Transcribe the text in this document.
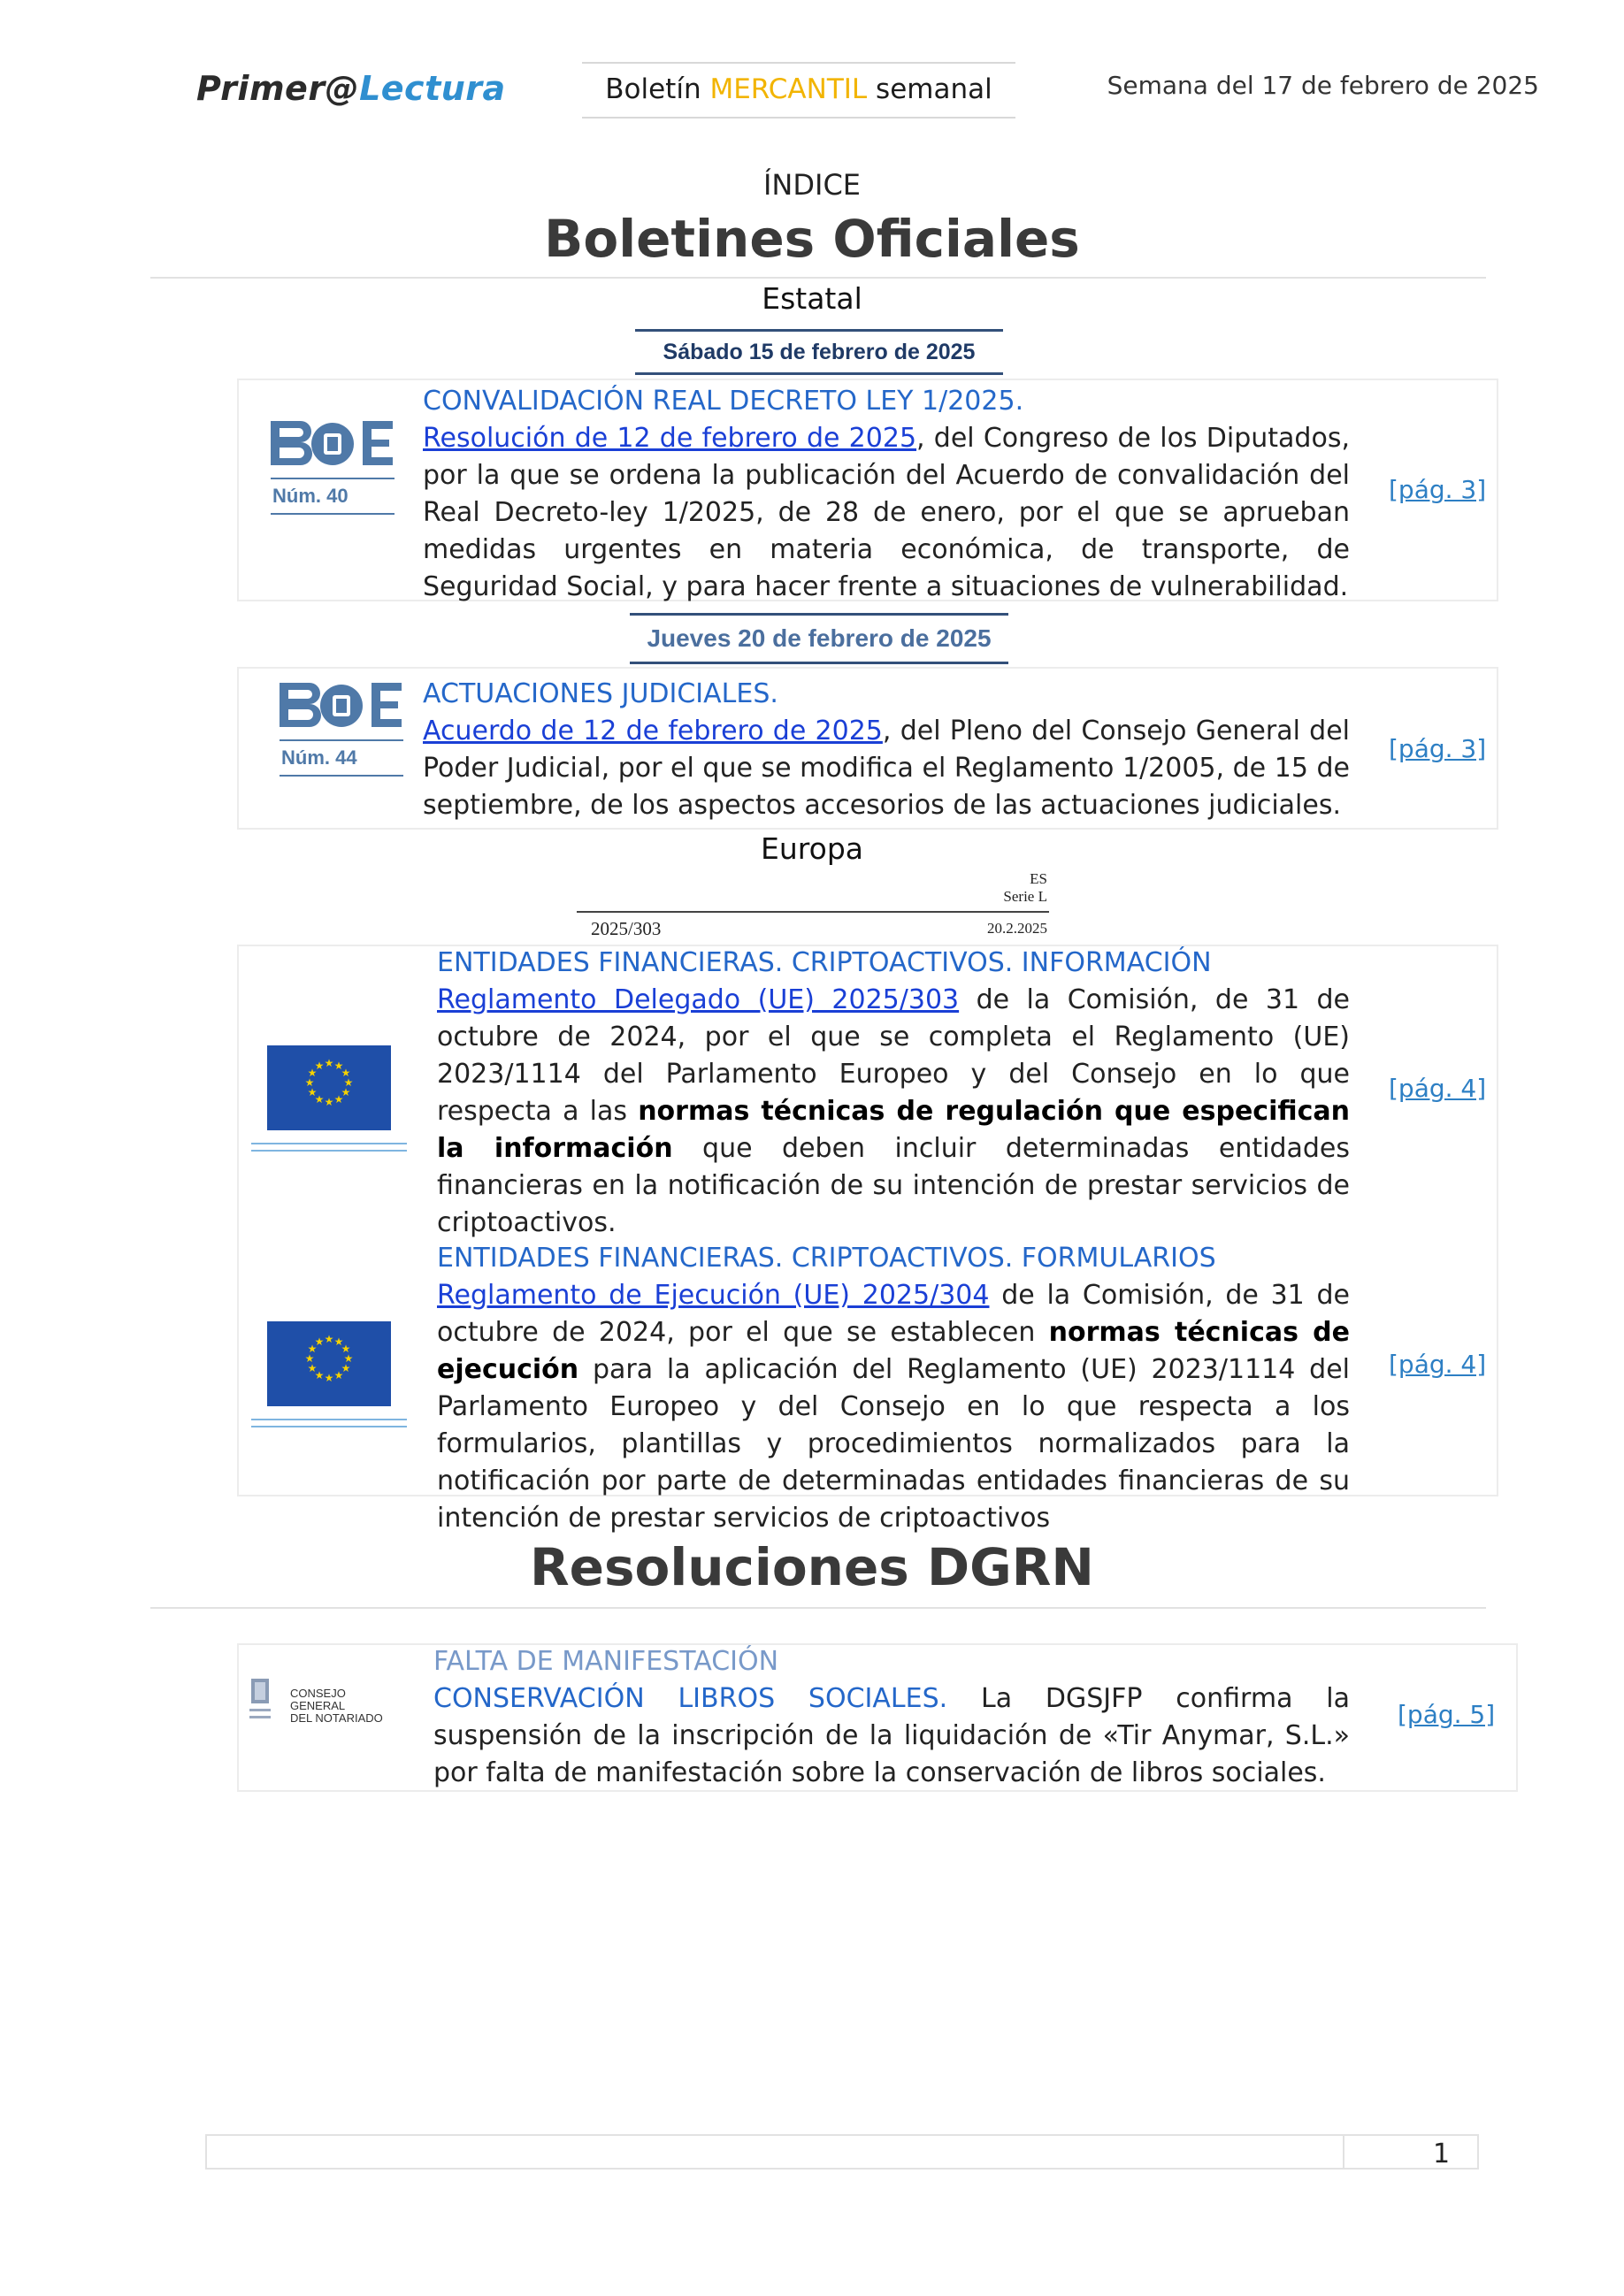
Primer@Lectura	Boletín MERCANTIL semanal	Semana del 17 de febrero de 2025
ÍNDICE
Boletines Oficiales
Estatal
Sábado 15 de febrero de 2025
Núm. 40
CONVALIDACIÓN REAL DECRETO LEY 1/2025.
Resolución de 12 de febrero de 2025, del Congreso de los Diputados, por la que se ordena la publicación del Acuerdo de convalidación del Real Decreto-ley 1/2025, de 28 de enero, por el que se aprueban medidas urgentes en materia económica, de transporte, de Seguridad Social, y para hacer frente a situaciones de vulnerabilidad.
[pág. 3]
Jueves 20 de febrero de 2025
Núm. 44
ACTUACIONES JUDICIALES.
Acuerdo de 12 de febrero de 2025, del Pleno del Consejo General del Poder Judicial, por el que se modifica el Reglamento 1/2005, de 15 de septiembre, de los aspectos accesorios de las actuaciones judiciales.
[pág. 3]
Europa
ES
Serie L
2025/303	20.2.2025
★ ★
★
★
★
★
★
★
★
★
★
★
ENTIDADES FINANCIERAS. CRIPTOACTIVOS. INFORMACIÓN
Reglamento Delegado (UE) 2025/303 de la Comisión, de 31 de octubre de 2024, por el que se completa el Reglamento (UE) 2023/1114 del Parlamento Europeo y del Consejo en lo que respecta a las normas técnicas de regulación que especifican la información que deben incluir determinadas entidades financieras en la notificación de su intención de prestar servicios de criptoactivos.
[pág. 4]
★ ★
★
★
★
★
★
★
★
★
★
★
ENTIDADES FINANCIERAS. CRIPTOACTIVOS. FORMULARIOS
Reglamento de Ejecución (UE) 2025/304 de la Comisión, de 31 de octubre de 2024, por el que se establecen normas técnicas de ejecución para la aplicación del Reglamento (UE) 2023/1114 del Parlamento Europeo y del Consejo en lo que respecta a los formularios, plantillas y procedimientos normalizados para la notificación por parte de determinadas entidades financieras de su intención de prestar servicios de criptoactivos
[pág. 4]
Resoluciones DGRN
CONSEJO GENERAL
DEL NOTARIADO
FALTA DE MANIFESTACIÓN
CONSERVACIÓN LIBROS SOCIALES. La DGSJFP confirma la suspensión de la inscripción de la liquidación de «Tir Anymar, S.L.» por falta de manifestación sobre la conservación de libros sociales.
[pág. 5]
1
